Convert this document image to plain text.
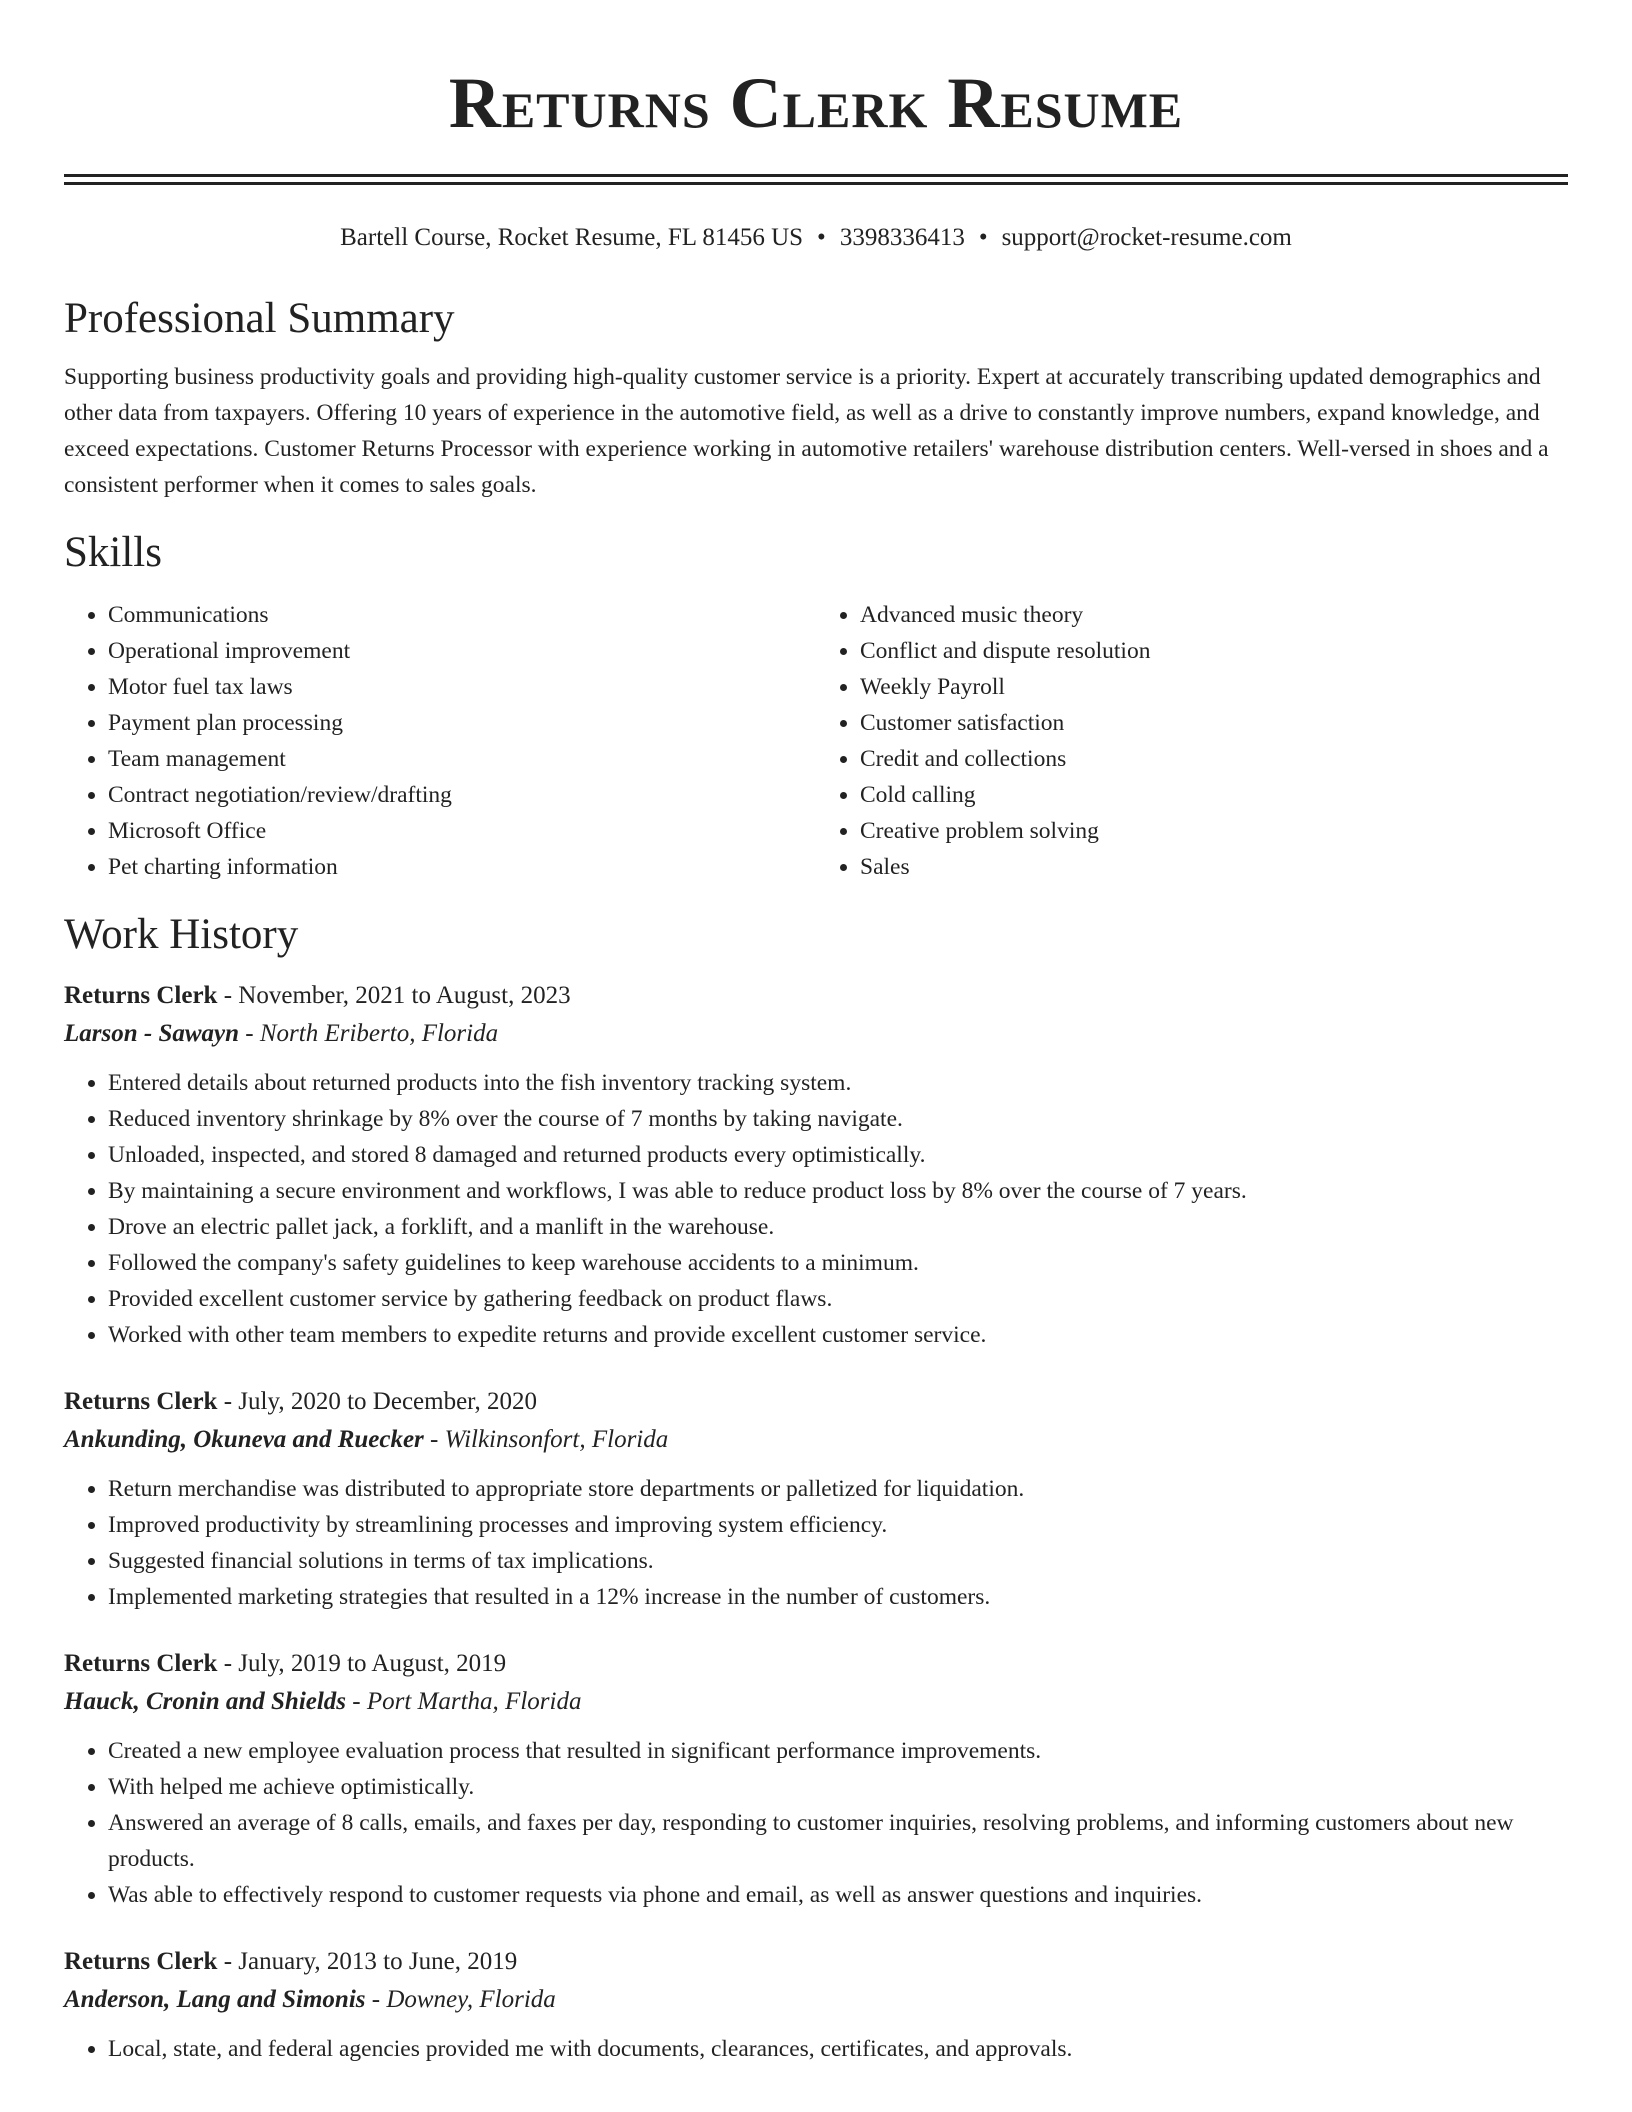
Returns Clerk Resume
Bartell Course, Rocket Resume, FL 81456 US • 3398336413 • support@rocket-resume.com
Professional Summary

Supporting business productivity goals and providing high-quality customer service is a priority. Expert at accurately transcribing updated demographics and other data from taxpayers. Offering 10 years of experience in the automotive field, as well as a drive to constantly improve numbers, expand knowledge, and exceed expectations. Customer Returns Processor with experience working in automotive retailers' warehouse distribution centers. Well-versed in shoes and a consistent performer when it comes to sales goals.

Skills
• Communications
• Operational improvement
• Motor fuel tax laws
• Payment plan processing
• Team management
• Contract negotiation/review/drafting
• Microsoft Office
• Pet charting information
• Advanced music theory
• Conflict and dispute resolution
• Weekly Payroll
• Customer satisfaction
• Credit and collections
• Cold calling
• Creative problem solving
• Sales
Work History
Returns Clerk - November, 2021 to August, 2023
Larson - Sawayn - North Eriberto, Florida
• Entered details about returned products into the fish inventory tracking system.
• Reduced inventory shrinkage by 8% over the course of 7 months by taking navigate.
• Unloaded, inspected, and stored 8 damaged and returned products every optimistically.
• By maintaining a secure environment and workflows, I was able to reduce product loss by 8% over the course of 7 years.
• Drove an electric pallet jack, a forklift, and a manlift in the warehouse.
• Followed the company's safety guidelines to keep warehouse accidents to a minimum.
• Provided excellent customer service by gathering feedback on product flaws.
• Worked with other team members to expedite returns and provide excellent customer service.
Returns Clerk - July, 2020 to December, 2020
Ankunding, Okuneva and Ruecker - Wilkinsonfort, Florida
• Return merchandise was distributed to appropriate store departments or palletized for liquidation.
• Improved productivity by streamlining processes and improving system efficiency.
• Suggested financial solutions in terms of tax implications.
• Implemented marketing strategies that resulted in a 12% increase in the number of customers.
Returns Clerk - July, 2019 to August, 2019
Hauck, Cronin and Shields - Port Martha, Florida
• Created a new employee evaluation process that resulted in significant performance improvements.
• With helped me achieve optimistically.
• Answered an average of 8 calls, emails, and faxes per day, responding to customer inquiries, resolving problems, and informing customers about new products.
• Was able to effectively respond to customer requests via phone and email, as well as answer questions and inquiries.
Returns Clerk - January, 2013 to June, 2019
Anderson, Lang and Simonis - Downey, Florida
• Local, state, and federal agencies provided me with documents, clearances, certificates, and approvals.
